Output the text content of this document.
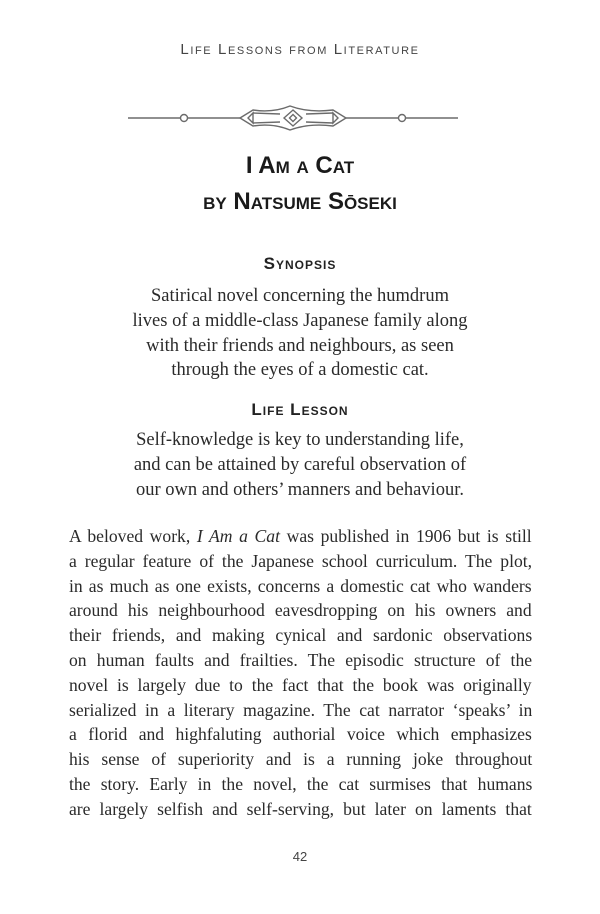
Life Lessons from Literature
I Am a Cat
by Natsume Sōseki
Synopsis
Satirical novel concerning the humdrum
lives of a middle-class Japanese family along
with their friends and neighbours, as seen
through the eyes of a domestic cat.
Life Lesson
Self-knowledge is key to understanding life,
and can be attained by careful observation of
our own and others’ manners and behaviour.
A beloved work, I Am a Cat was published in 1906 but is still
a regular feature of the Japanese school curriculum. The plot,
in as much as one exists, concerns a domestic cat who wanders
around his neighbourhood eavesdropping on his owners and
their friends, and making cynical and sardonic observations
on human faults and frailties. The episodic structure of the
novel is largely due to the fact that the book was originally
serialized in a literary magazine. The cat narrator ‘speaks’ in
a florid and highfaluting authorial voice which emphasizes
his sense of superiority and is a running joke throughout
the story. Early in the novel, the cat surmises that humans
are largely selfish and self-serving, but later on laments that
42
